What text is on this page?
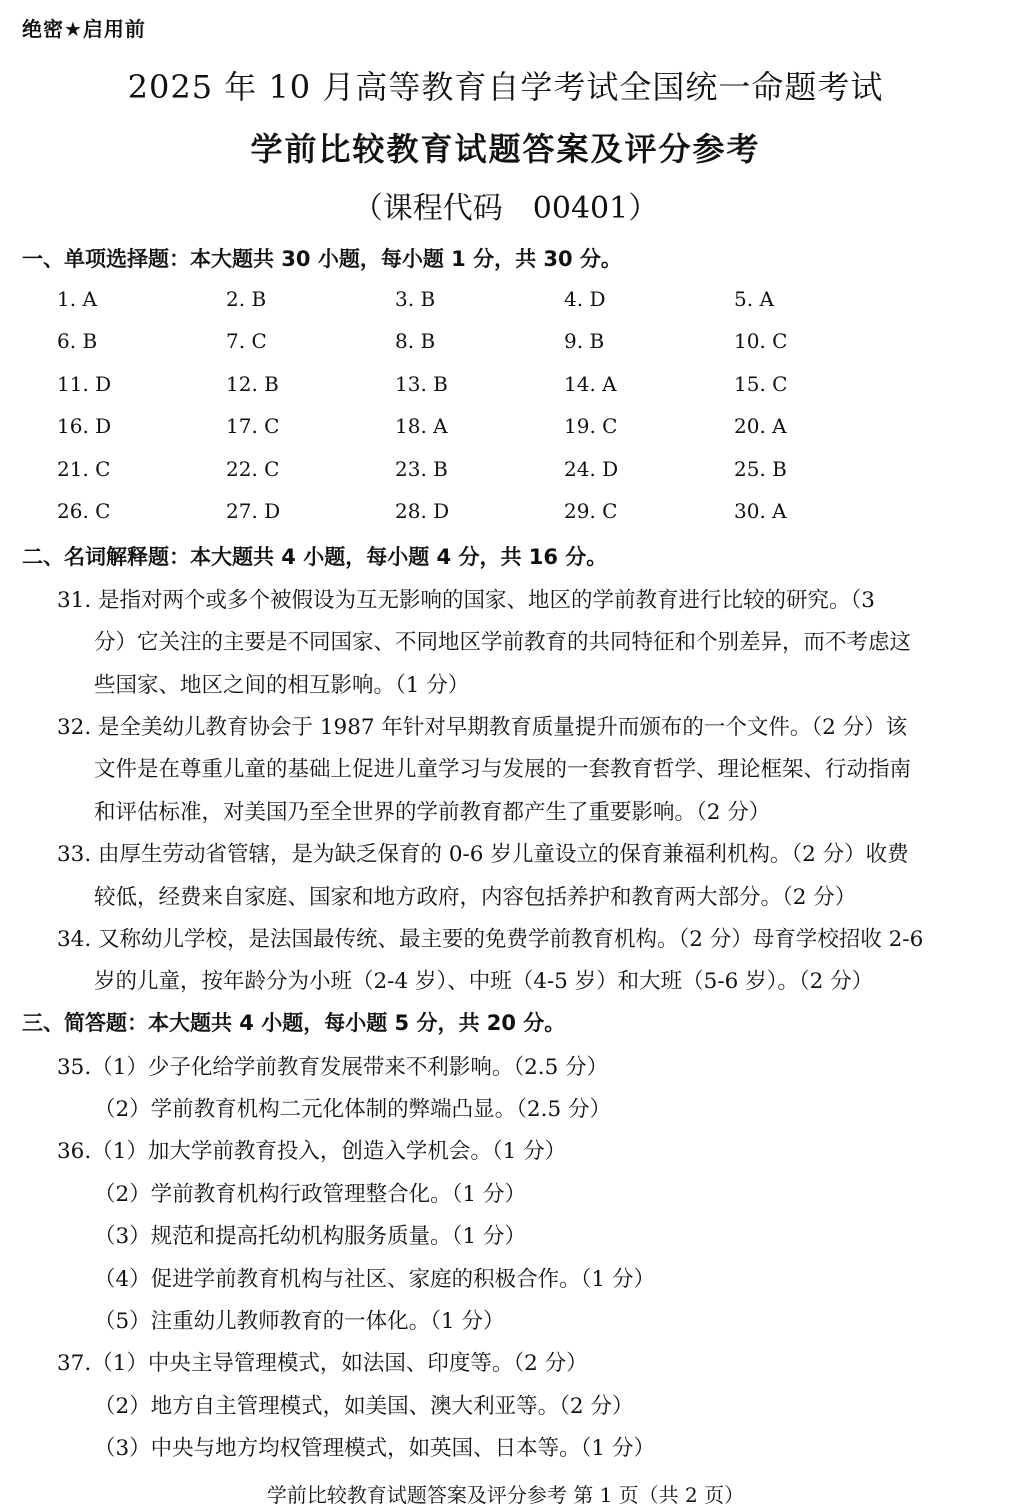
绝密★启用前
2025 年 10 月高等教育自学考试全国统一命题考试
学前比较教育试题答案及评分参考
（课程代码　00401）
一、单项选择题：本大题共 30 小题，每小题 1 分，共 30 分。
1. A	2. B	3. B	4. D	5. A
6. B	7. C	8. B	9. B	10. C
11. D	12. B	13. B	14. A	15. C
16. D	17. C	18. A	19. C	20. A
21. C	22. C	23. B	24. D	25. B
26. C	27. D	28. D	29. C	30. A
二、名词解释题：本大题共 4 小题，每小题 4 分，共 16 分。
31. 是指对两个或多个被假设为互无影响的国家、地区的学前教育进行比较的研究。（3
分）它关注的主要是不同国家、不同地区学前教育的共同特征和个别差异，而不考虑这
些国家、地区之间的相互影响。（1 分）
32. 是全美幼儿教育协会于 1987 年针对早期教育质量提升而颁布的一个文件。（2 分）该
文件是在尊重儿童的基础上促进儿童学习与发展的一套教育哲学、理论框架、行动指南
和评估标准，对美国乃至全世界的学前教育都产生了重要影响。（2 分）
33. 由厚生劳动省管辖，是为缺乏保育的 0-6 岁儿童设立的保育兼福利机构。（2 分）收费
较低，经费来自家庭、国家和地方政府，内容包括养护和教育两大部分。（2 分）
34. 又称幼儿学校，是法国最传统、最主要的免费学前教育机构。（2 分）母育学校招收 2-6
岁的儿童，按年龄分为小班（2-4 岁）、中班（4-5 岁）和大班（5-6 岁）。（2 分）
三、简答题：本大题共 4 小题，每小题 5 分，共 20 分。
35.（1）少子化给学前教育发展带来不利影响。（2.5 分）
（2）学前教育机构二元化体制的弊端凸显。（2.5 分）
36.（1）加大学前教育投入，创造入学机会。（1 分）
（2）学前教育机构行政管理整合化。（1 分）
（3）规范和提高托幼机构服务质量。（1 分）
（4）促进学前教育机构与社区、家庭的积极合作。（1 分）
（5）注重幼儿教师教育的一体化。（1 分）
37.（1）中央主导管理模式，如法国、印度等。（2 分）
（2）地方自主管理模式，如美国、澳大利亚等。（2 分）
（3）中央与地方均权管理模式，如英国、日本等。（1 分）
学前比较教育试题答案及评分参考 第 1 页（共 2 页）
